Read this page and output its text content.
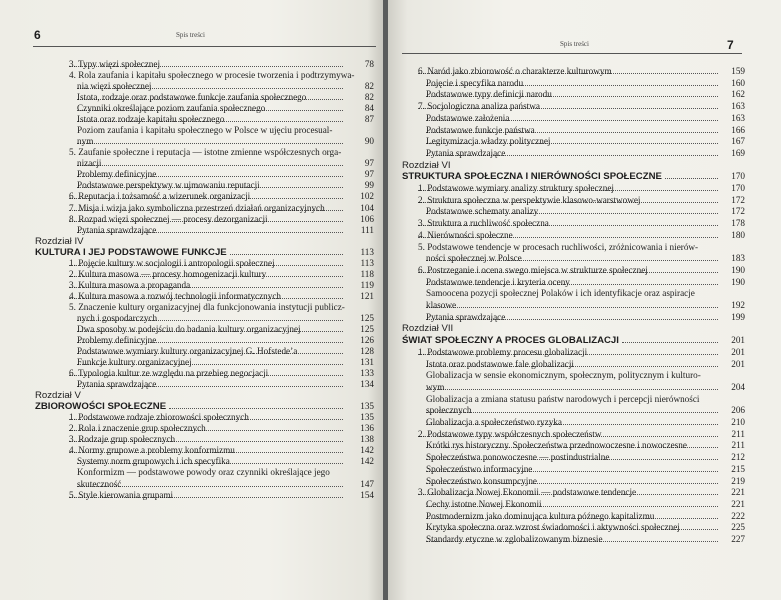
6	Spis treści
3. Typy więzi społecznej	78
4. Rola zaufania i kapitału społecznego w procesie tworzenia i podtrzymywa-
nia więzi społecznej	82
Istota, rodzaje oraz podstawowe funkcje zaufania społecznego	82
Czynniki określające poziom zaufania społecznego	84
Istota oraz rodzaje kapitału społecznego	87
Poziom zaufania i kapitału społecznego w Polsce w ujęciu procesual-
nym	90
5. Zaufanie społeczne i reputacja — istotne zmienne współczesnych orga-
nizacji	97
Problemy definicyjne	97
Podstawowe perspektywy w ujmowaniu reputacji	99
6. Reputacja i tożsamość a wizerunek organizacji	102
7. Misja i wizja jako symboliczna przestrzeń działań organizacyjnych	104
8. Rozpad więzi społecznej — procesy dezorganizacji	106
Pytania sprawdzające	111
Rozdział IV
KULTURA I JEJ PODSTAWOWE FUNKCJE	113
1. Pojęcie kultury w socjologii i antropologii społecznej	113
2. Kultura masowa — procesy homogenizacji kultury	118
3. Kultura masowa a propaganda	119
4. Kultura masowa a rozwój technologii informatycznych	121
5. Znaczenie kultury organizacyjnej dla funkcjonowania instytucji publicz-
nych i gospodarczych	125
Dwa sposoby w podejściu do badania kultury organizacyjnej	125
Problemy definicyjne	126
Podstawowe wymiary kultury organizacyjnej G. Hofstede’a	128
Funkcje kultury organizacyjnej	131
6. Typologia kultur ze względu na przebieg negocjacji	133
Pytania sprawdzające	134
Rozdział V
ZBIOROWOŚCI SPOŁECZNE	135
1. Podstawowe rodzaje zbiorowości społecznych	135
2. Rola i znaczenie grup społecznych	136
3. Rodzaje grup społecznych	138
4. Normy grupowe a problemy konformizmu	142
Systemy norm grupowych i ich specyfika	142
Konformizm — podstawowe powody oraz czynniki określające jego
skuteczność	147
5. Style kierowania grupami	154
7
Spis treści
6. Naród jako zbiorowość o charakterze kulturowym	159
Pojęcie i specyfika narodu	160
Podstawowe typy definicji narodu	162
7. Socjologiczna analiza państwa	163
Podstawowe założenia	163
Podstawowe funkcje państwa	166
Legitymizacja władzy politycznej	167
Pytania sprawdzające	169
Rozdział VI
STRUKTURA SPOŁECZNA I NIERÓWNOŚCI SPOŁECZNE	170
1. Podstawowe wymiary analizy struktury społecznej	170
2. Struktura społeczna w perspektywie klasowo-warstwowej	172
Podstawowe schematy analizy	172
3. Struktura a ruchliwość społeczna	178
4. Nierówności społeczne	180
5. Podstawowe tendencje w procesach ruchliwości, zróżnicowania i nierów-
ności społecznej w Polsce	183
6. Postrzeganie i ocena swego miejsca w strukturze społecznej	190
Podstawowe tendencje i kryteria oceny	190
Samoocena pozycji społecznej Polaków i ich identyfikacje oraz aspiracje
klasowe	192
Pytania sprawdzające	199
Rozdział VII
ŚWIAT SPOŁECZNY A PROCES GLOBALIZACJI	201
1. Podstawowe problemy procesu globalizacji	201
Istota oraz podstawowe fale globalizacji	201
Globalizacja w sensie ekonomicznym, społecznym, politycznym i kulturo-
wym	204
Globalizacja a zmiana statusu państw narodowych i percepcji nierówności
społecznych	206
Globalizacja a społeczeństwo ryzyka	210
2. Podstawowe typy współczesnych społeczeństw	211
Krótki rys historyczny. Społeczeństwa przednowoczesne i nowoczesne	211
Społeczeństwa ponowoczesne — postindustrialne	212
Społeczeństwo informacyjne	215
Społeczeństwo konsumpcyjne	219
3. Globalizacja Nowej Ekonomii — podstawowe tendencje	221
Cechy istotne Nowej Ekonomii	221
Postmodernizm jako dominująca kultura późnego kapitalizmu	222
Krytyka społeczna oraz wzrost świadomości i aktywności społecznej	225
Standardy etyczne w zglobalizowanym biznesie	227
